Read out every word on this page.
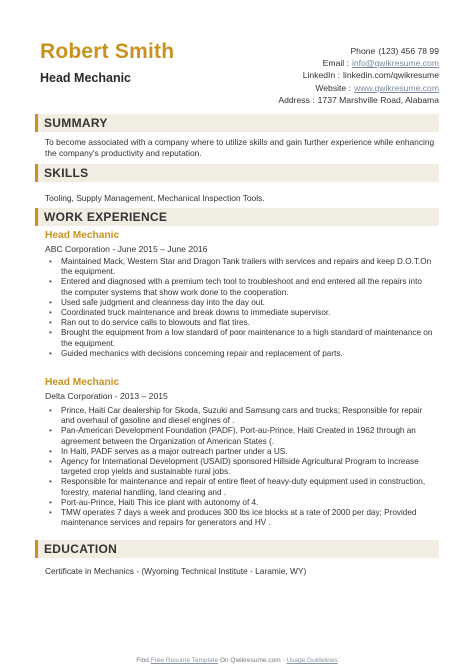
Robert Smith
Head Mechanic
Phone (123) 456 78 99
Email : info@qwikresume.com
LinkedIn : linkedin.com/qwikresume
Website : www.qwikresume.com
Address : 1737 Marshville Road, Alabama
SUMMARY
To become associated with a company where to utilize skills and gain further experience while enhancing the company's productivity and reputation.
SKILLS
Tooling, Supply Management, Mechanical Inspection Tools.
WORK EXPERIENCE
Head Mechanic
ABC Corporation - June 2015 – June 2016
• Maintained Mack, Western Star and Dragon Tank trailers with services and repairs and keep D.O.T.On the equipment.
• Entered and diagnosed with a premium tech tool to troubleshoot and end entered all the repairs into the computer systems that show work done to the cooperation.
• Used safe judgment and cleanness day into the day out.
• Coordinated truck maintenance and break downs to immediate supervisor.
• Ran out to do service calls to blowouts and flat tires.
• Brought the equipment from a low standard of poor maintenance to a high standard of maintenance on the equipment.
• Guided mechanics with decisions concerning repair and replacement of parts.
Head Mechanic
Delta Corporation - 2013 – 2015
• Prince, Haiti Car dealership for Skoda, Suzuki and Samsung cars and trucks; Responsible for repair and overhaul of gasoline and diesel engines of .
• Pan-American Development Foundation (PADF), Port-au-Prince, Haiti Created in 1962 through an agreement between the Organization of American States (.
• In Haiti, PADF serves as a major outreach partner under a US.
• Agency for International Development (USAID) sponsored Hillside Agricultural Program to increase targeted crop yields and sustainable rural jobs.
• Responsible for maintenance and repair of entire fleet of heavy-duty equipment used in construction, forestry, material handling, land clearing and .
• Port-au-Prince, Haiti This ice plant with autonomy of 4.
• TMW operates 7 days a week and produces 300 lbs ice blocks at a rate of 2000 per day; Provided maintenance services and repairs for generators and HV .
EDUCATION
Certificate in Mechanics - (Wyoming Technical Institute - Laramie, WY)
Find Free Resume Template On Qwikresume.com · Usage Guidelines
